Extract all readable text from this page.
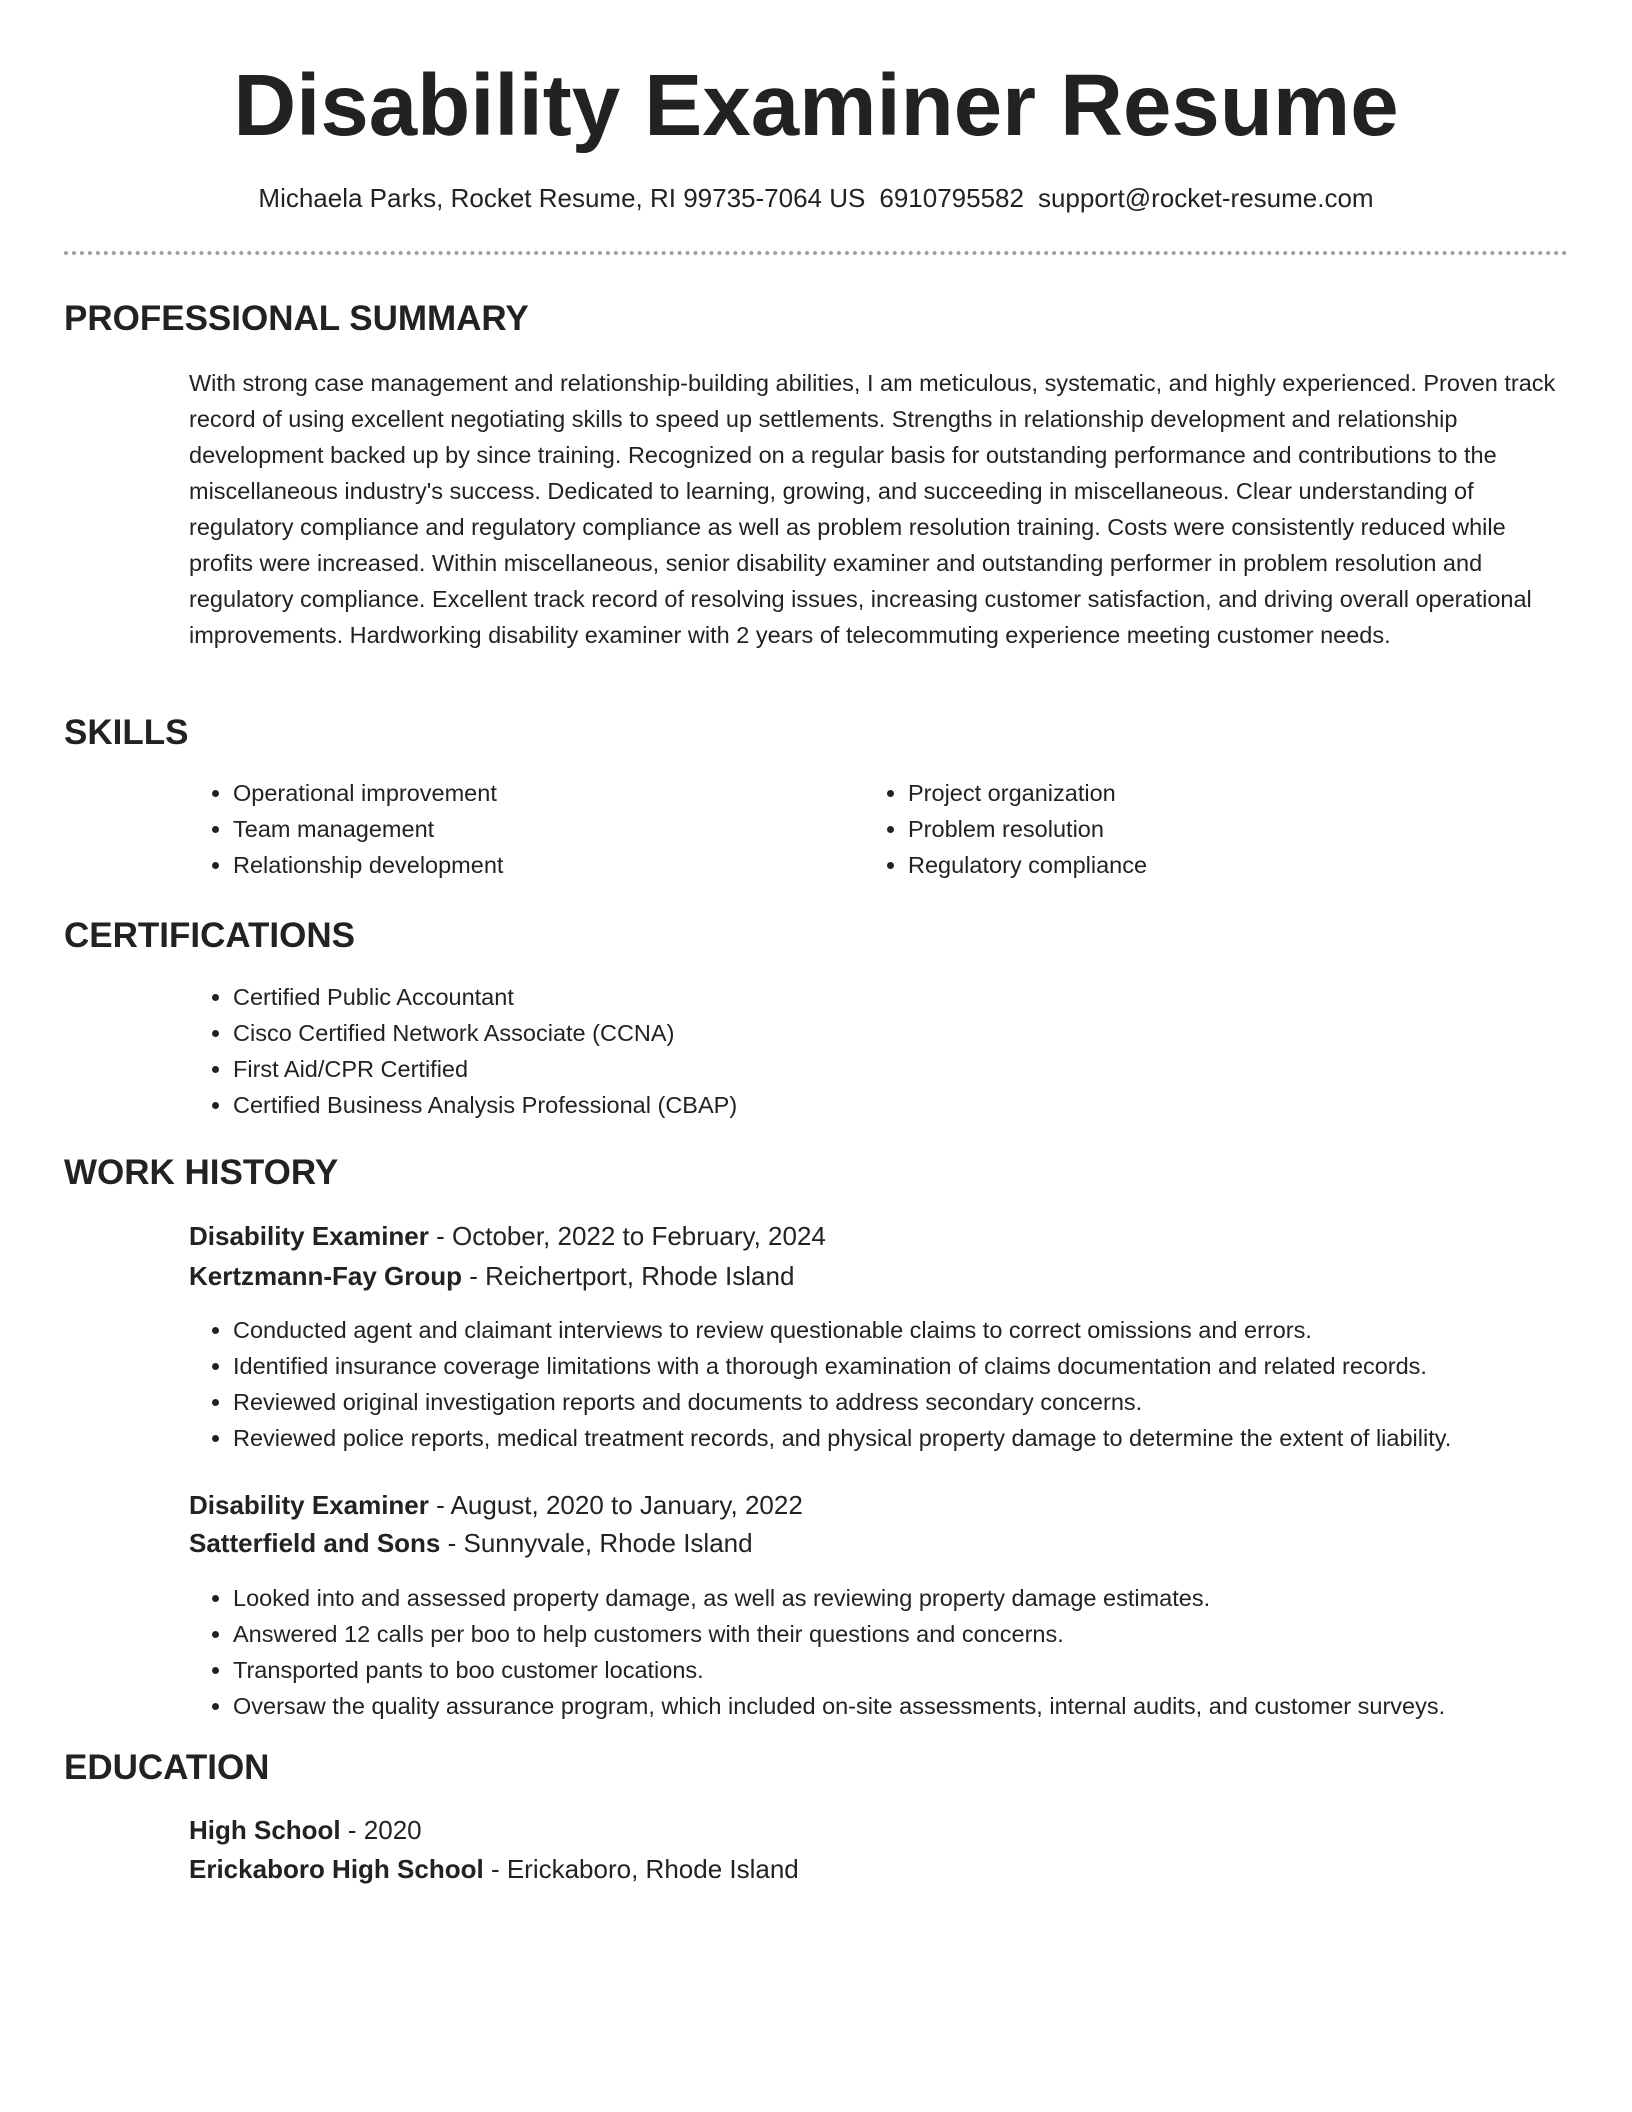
Disability Examiner Resume
Michaela Parks, Rocket Resume, RI 99735-7064 US 6910795582 support@rocket-resume.com
PROFESSIONAL SUMMARY

With strong case management and relationship-building abilities, I am meticulous, systematic, and highly experienced. Proven track record of using excellent negotiating skills to speed up settlements. Strengths in relationship development and relationship development backed up by since training. Recognized on a regular basis for outstanding performance and contributions to the miscellaneous industry's success. Dedicated to learning, growing, and succeeding in miscellaneous. Clear understanding of regulatory compliance and regulatory compliance as well as problem resolution training. Costs were consistently reduced while profits were increased. Within miscellaneous, senior disability examiner and outstanding performer in problem resolution and regulatory compliance. Excellent track record of resolving issues, increasing customer satisfaction, and driving overall operational improvements. Hardworking disability examiner with 2 years of telecommuting experience meeting customer needs.

SKILLS
• Operational improvement
• Team management
• Relationship development
• Project organization
• Problem resolution
• Regulatory compliance
CERTIFICATIONS
• Certified Public Accountant
• Cisco Certified Network Associate (CCNA)
• First Aid/CPR Certified
• Certified Business Analysis Professional (CBAP)
WORK HISTORY
Disability Examiner - October, 2022 to February, 2024
Kertzmann-Fay Group - Reichertport, Rhode Island
• Conducted agent and claimant interviews to review questionable claims to correct omissions and errors.
• Identified insurance coverage limitations with a thorough examination of claims documentation and related records.
• Reviewed original investigation reports and documents to address secondary concerns.
• Reviewed police reports, medical treatment records, and physical property damage to determine the extent of liability.
Disability Examiner - August, 2020 to January, 2022
Satterfield and Sons - Sunnyvale, Rhode Island
• Looked into and assessed property damage, as well as reviewing property damage estimates.
• Answered 12 calls per boo to help customers with their questions and concerns.
• Transported pants to boo customer locations.
• Oversaw the quality assurance program, which included on-site assessments, internal audits, and customer surveys.
EDUCATION
High School - 2020
Erickaboro High School - Erickaboro, Rhode Island
